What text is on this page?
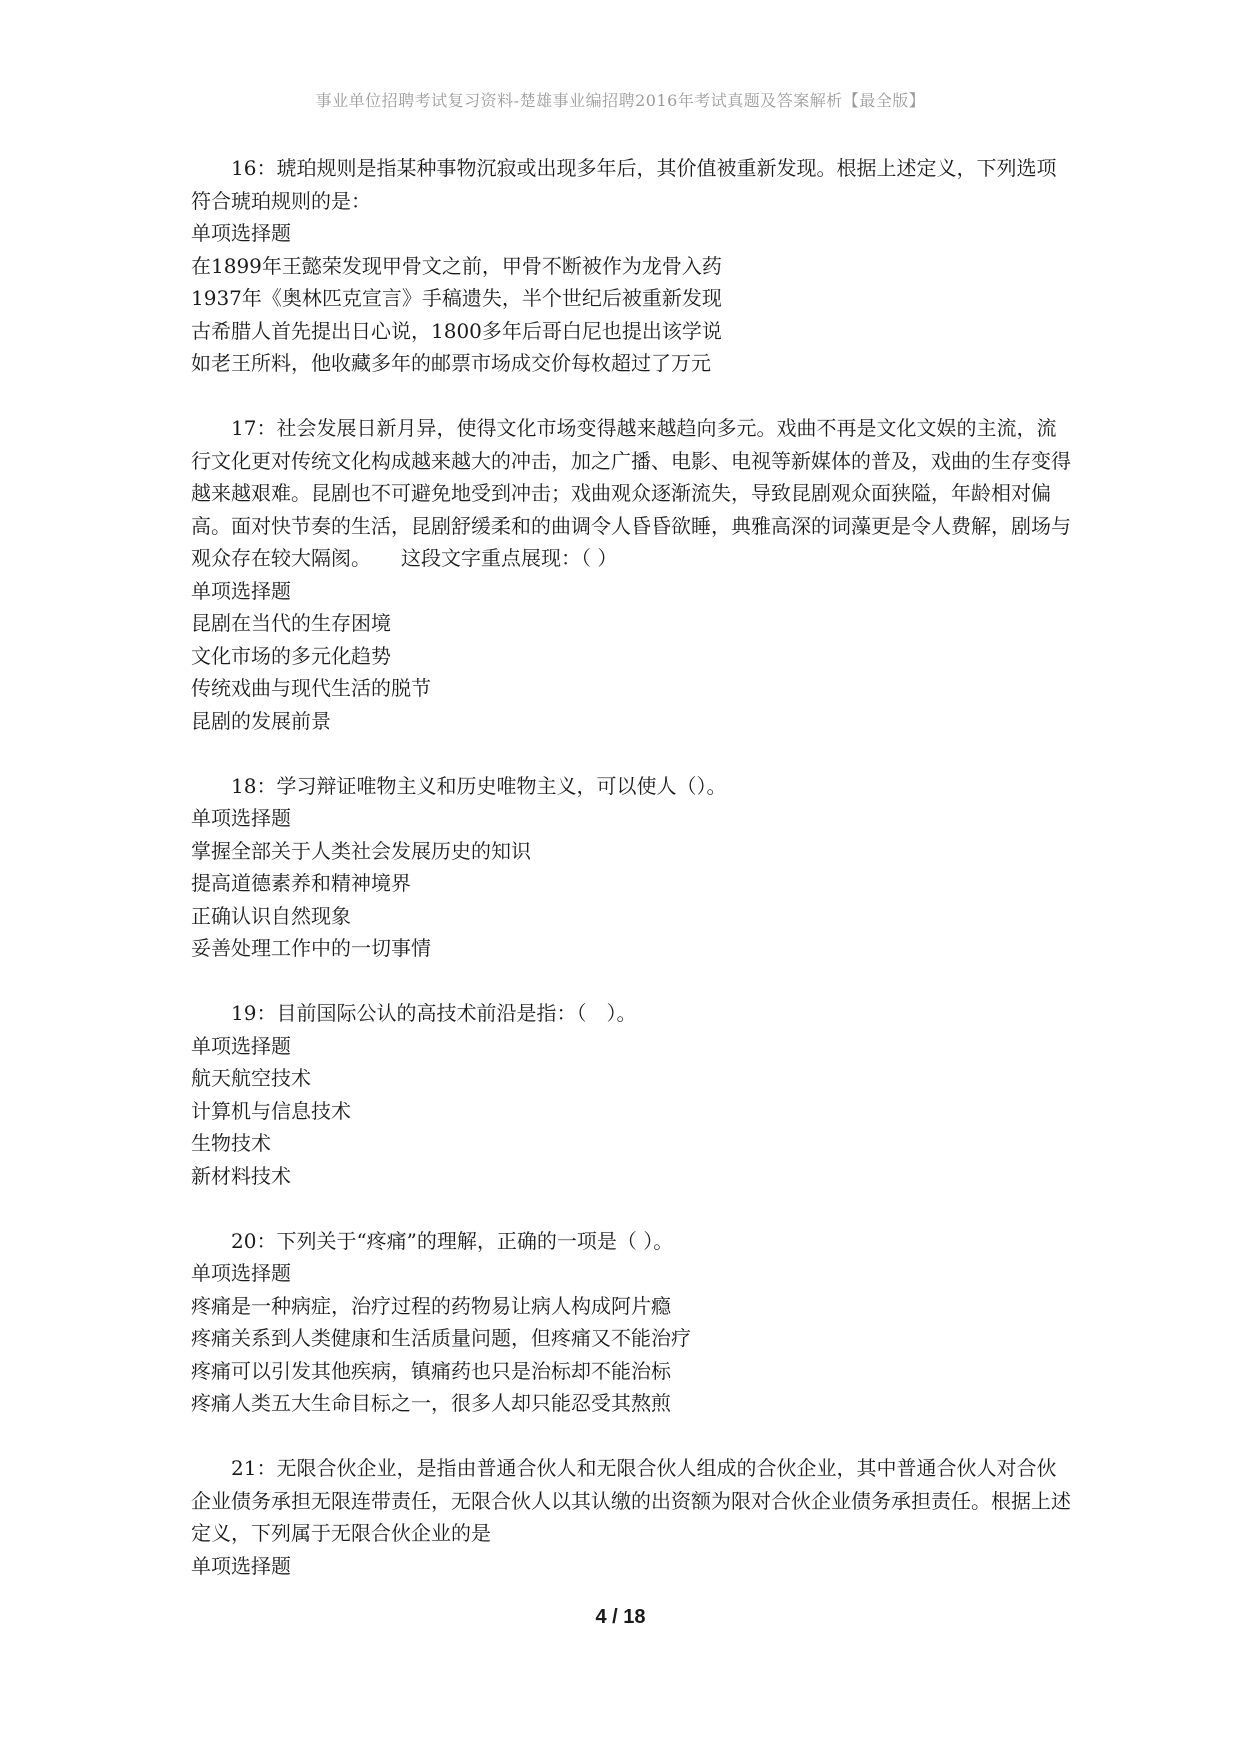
事业单位招聘考试复习资料-楚雄事业编招聘2016年考试真题及答案解析【最全版】

16：琥珀规则是指某种事物沉寂或出现多年后，其价值被重新发现。根据上述定义，下列选项符合琥珀规则的是：

单项选择题

在1899年王懿荣发现甲骨文之前，甲骨不断被作为龙骨入药

1937年《奥林匹克宣言》手稿遗失，半个世纪后被重新发现

古希腊人首先提出日心说，1800多年后哥白尼也提出该学说

如老王所料，他收藏多年的邮票市场成交价每枚超过了万元

17：社会发展日新月异，使得文化市场变得越来越趋向多元。戏曲不再是文化文娱的主流，流行文化更对传统文化构成越来越大的冲击，加之广播、电影、电视等新媒体的普及，戏曲的生存变得越来越艰难。昆剧也不可避免地受到冲击；戏曲观众逐渐流失，导致昆剧观众面狭隘，年龄相对偏高。面对快节奏的生活，昆剧舒缓柔和的曲调令人昏昏欲睡，典雅高深的词藻更是令人费解，剧场与观众存在较大隔阂。　　这段文字重点展现：（ ）

单项选择题

昆剧在当代的生存困境

文化市场的多元化趋势

传统戏曲与现代生活的脱节

昆剧的发展前景

18：学习辩证唯物主义和历史唯物主义，可以使人（）。

单项选择题

掌握全部关于人类社会发展历史的知识

提高道德素养和精神境界

正确认识自然现象

妥善处理工作中的一切事情

19：目前国际公认的高技术前沿是指：（　）。

单项选择题

航天航空技术

计算机与信息技术

生物技术

新材料技术

20：下列关于“疼痛”的理解，正确的一项是（ ）。

单项选择题

疼痛是一种病症，治疗过程的药物易让病人构成阿片瘾

疼痛关系到人类健康和生活质量问题，但疼痛又不能治疗

疼痛可以引发其他疾病，镇痛药也只是治标却不能治标

疼痛人类五大生命目标之一，很多人却只能忍受其熬煎

21：无限合伙企业，是指由普通合伙人和无限合伙人组成的合伙企业，其中普通合伙人对合伙企业债务承担无限连带责任，无限合伙人以其认缴的出资额为限对合伙企业债务承担责任。根据上述定义，下列属于无限合伙企业的是

单项选择题

4 / 18
